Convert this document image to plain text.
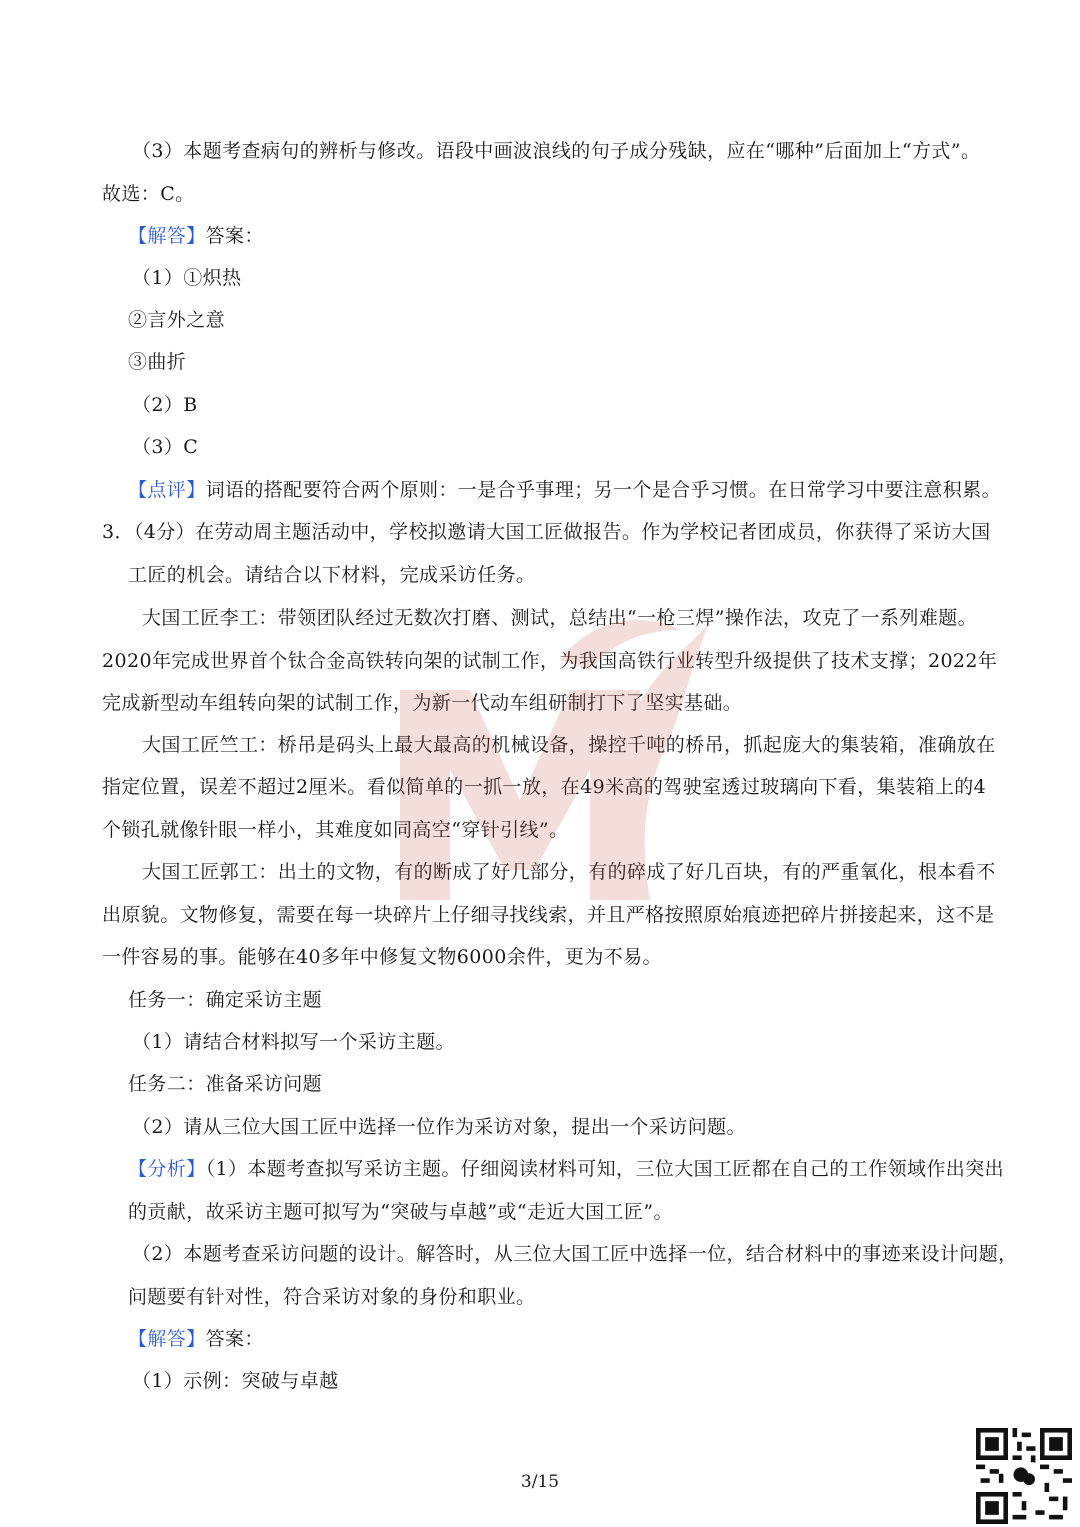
（3）本题考查病句的辨析与修改。语段中画波浪线的句子成分残缺，应在“哪种”后面加上“方式”。

故选：C。

【解答】答案：

（1）①炽热

②言外之意

③曲折

（2）B

（3）C

【点评】词语的搭配要符合两个原则：一是合乎事理；另一个是合乎习惯。在日常学习中要注意积累。

3．（4分）在劳动周主题活动中，学校拟邀请大国工匠做报告。作为学校记者团成员，你获得了采访大国

工匠的机会。请结合以下材料，完成采访任务。

大国工匠李工：带领团队经过无数次打磨、测试，总结出“一枪三焊”操作法，攻克了一系列难题。

2020年完成世界首个钛合金高铁转向架的试制工作，为我国高铁行业转型升级提供了技术支撑；2022年

完成新型动车组转向架的试制工作，为新一代动车组研制打下了坚实基础。

大国工匠竺工：桥吊是码头上最大最高的机械设备，操控千吨的桥吊，抓起庞大的集装箱，准确放在

指定位置，误差不超过2厘米。看似简单的一抓一放，在49米高的驾驶室透过玻璃向下看，集装箱上的4

个锁孔就像针眼一样小，其难度如同高空“穿针引线”。

大国工匠郭工：出土的文物，有的断成了好几部分，有的碎成了好几百块，有的严重氧化，根本看不

出原貌。文物修复，需要在每一块碎片上仔细寻找线索，并且严格按照原始痕迹把碎片拼接起来，这不是

一件容易的事。能够在40多年中修复文物6000余件，更为不易。

任务一：确定采访主题

（1）请结合材料拟写一个采访主题。

任务二：准备采访问题

（2）请从三位大国工匠中选择一位作为采访对象，提出一个采访问题。

【分析】（1）本题考查拟写采访主题。仔细阅读材料可知，三位大国工匠都在自己的工作领域作出突出

的贡献，故采访主题可拟写为“突破与卓越”或“走近大国工匠”。

（2）本题考查采访问题的设计。解答时，从三位大国工匠中选择一位，结合材料中的事迹来设计问题，

问题要有针对性，符合采访对象的身份和职业。

【解答】答案：

（1）示例：突破与卓越

3/15
